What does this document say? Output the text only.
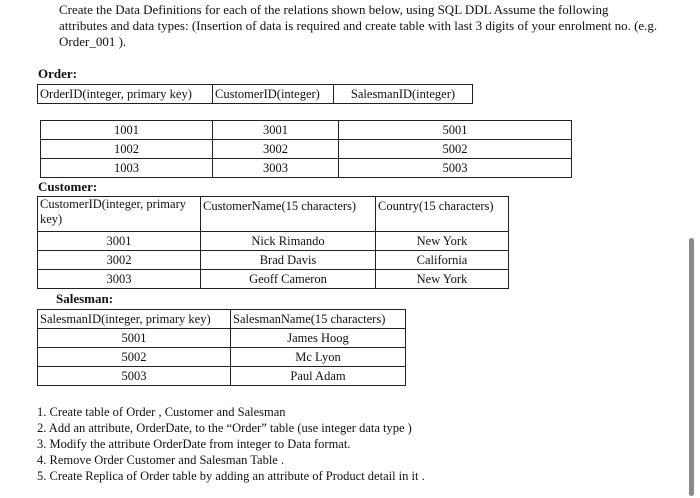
Create the Data Definitions for each of the relations shown below, using SQL DDL Assume the following attributes and data types: (Insertion of data is required and create table with last 3 digits of your enrolment no. (e.g. Order_001 ).
Order:
OrderID(integer, primary key)	CustomerID(integer)	SalesmanID(integer)
1001	3001	5001
1002	3002	5002
1003	3003	5003
Customer:
CustomerID(integer, primary key)	CustomerName(15 characters)	Country(15 characters)
3001	Nick Rimando	New York
3002	Brad Davis	California
3003	Geoff Cameron	New York
Salesman:
SalesmanID(integer, primary key)	SalesmanName(15 characters)
5001	James Hoog
5002	Mc Lyon
5003	Paul Adam
1. Create table of Order , Customer and Salesman
2. Add an attribute, OrderDate, to the “Order” table (use integer data type )
3. Modify the attribute OrderDate from integer to Data format.
4. Remove Order Customer and Salesman Table .
5. Create Replica of Order table by adding an attribute of Product detail in it .
